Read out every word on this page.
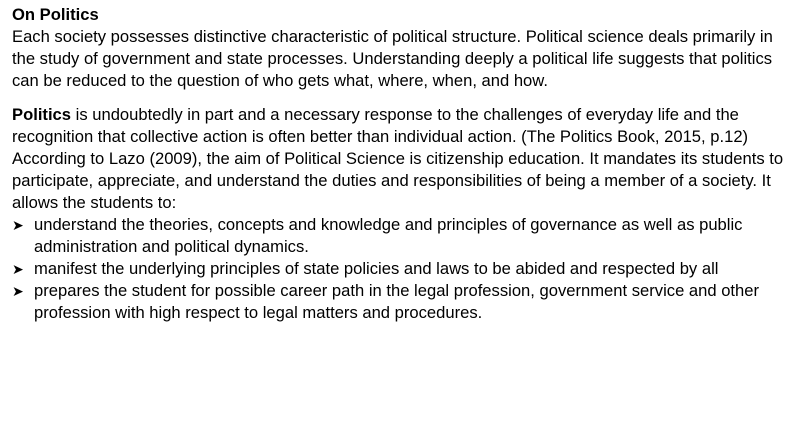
On Politics

Each society possesses distinctive characteristic of political structure. Political science deals primarily in the study of government and state processes. Understanding deeply a political life suggests that politics can be reduced to the question of who gets what, where, when, and how.

Politics is undoubtedly in part and a necessary response to the challenges of everyday life and the recognition that collective action is often better than individual action. (The Politics Book, 2015, p.12) According to Lazo (2009), the aim of Political Science is citizenship education. It mandates its students to participate, appreciate, and understand the duties and responsibilities of being a member of a society. It allows the students to:

➤ understand the theories, concepts and knowledge and principles of governance as well as public administration and political dynamics.
➤ manifest the underlying principles of state policies and laws to be abided and respected by all
➤ prepares the student for possible career path in the legal profession, government service and other profession with high respect to legal matters and procedures.
